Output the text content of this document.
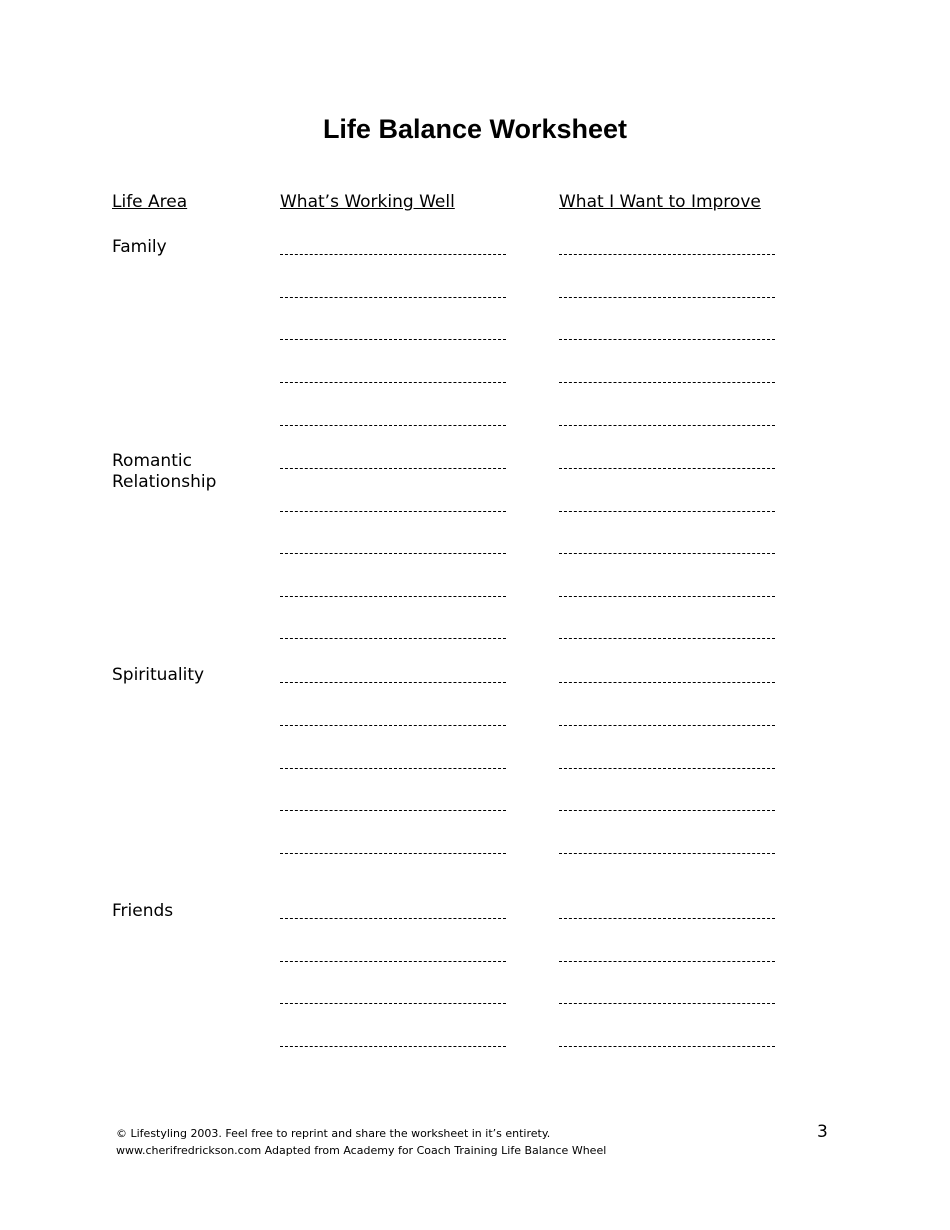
Life Balance Worksheet
Life Area	What’s Working Well	What I Want to Improve
Family
Romantic
Relationship
Spirituality
Friends
© Lifestyling 2003. Feel free to reprint and share the worksheet in it’s entirety.
www.cherifredrickson.com Adapted from Academy for Coach Training Life Balance Wheel
3
